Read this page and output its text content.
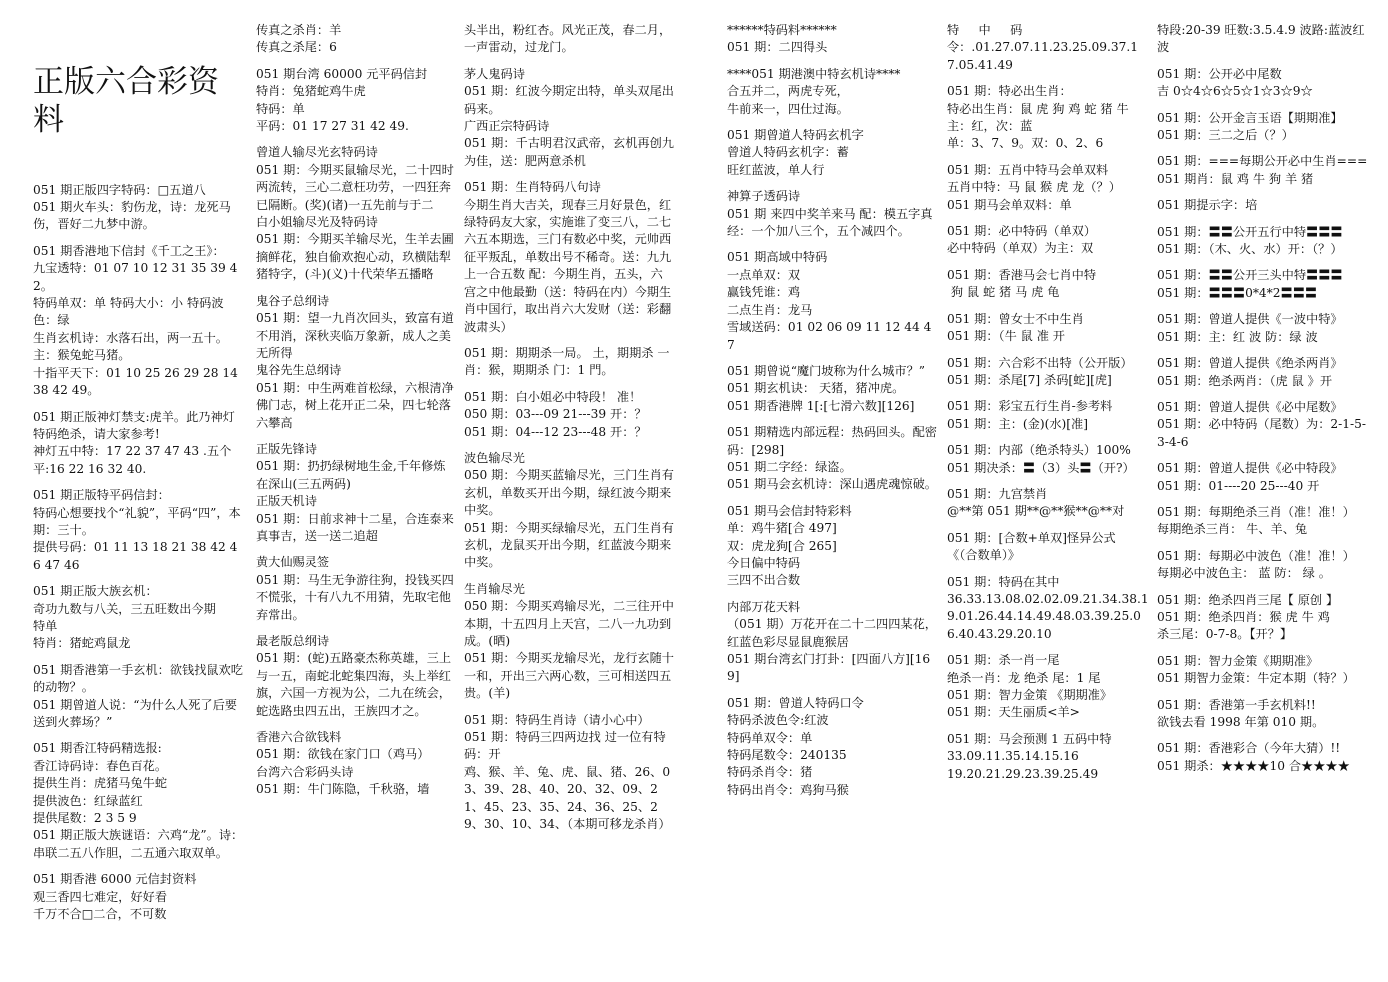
正版六合彩资料

051 期正版四字特码：□五道八
051 期火车头：豹伤龙，诗：龙死马伤，晋好二九梦中游。
051 期香港地下信封《千工之王》：
九宝透特：01 07 10 12 31 35 39 42。
特码单双：单 特码大小：小 特码波色：绿
生肖玄机诗：水落石出，两一五十。
主：猴兔蛇马猪。
十指平天下：01 10 25 26 29 28 14 38 42 49。
051 期正版神灯禁支:虎羊。此乃神灯特码绝杀，请大家参考!
神灯五中特：17 22 37 47 43 .五个平:16 22 16 32 40.
051 期正版特平码信封：
特码心想要找个“礼貌”，平码“四”，本期：三十。
提供号码：01 11 13 18 21 38 42 46 47 46
051 期正版大族玄机：
奇功九数与八关，三五旺数出今期
特单
特肖：猪蛇鸡鼠龙
051 期香港第一手玄机：欲钱找鼠欢吃的动物？。
051 期曾道人说：“为什么人死了后要送到火葬场？”
051 期香江特码精选报:
香江诗码诗：春色百花。
提供生肖：虎猪马兔牛蛇
提供波色：红绿蓝红
提供尾数：2 3 5 9
051 期正版大族谜语：六鸡“龙”。诗：串联二五八作胆，二五通六取双单。
051 期香港 6000 元信封资料
观三香四七难定，好好看
千万不合□二合，不可数
传真之杀肖：羊
传真之杀尾：6
051 期台湾 60000 元平码信封
特肖：兔猪蛇鸡牛虎
特码：单
平码：01 17 27 31 42 49.
曾道人输尽光玄特码诗
051 期：今期买鼠输尽光，二十四时两流转，三心二意枉功劳，一四狂奔已隔断。(奖)(诸)一五先前与于二
白小姐输尽光及特码诗
051 期：今期买羊输尽光，生羊去圃摘鲜花，独自偷欢抱心动，玖横陆犁猪特字，(斗)(义)十代荣华五播略
鬼谷子总纲诗
051 期：望一九肖次回头，致富有道不用消，深秋夹临万象新，成人之美无所得
鬼谷先生总纲诗
051 期：中生两难首松绿，六根清净佛门志，树上花开正二朵，四七轮落六攀高
正版先锋诗
051 期：扔扔绿树地生金,千年修炼在深山(三五两码)
正版天机诗
051 期：日前求神十二星，合连泰来真事吉，送一送二追超
黄大仙赐灵签
051 期：马生无争游往狗，投钱买四不慌张，十有八九不用猜，先取宅他弃常出。
最老版总纲诗
051 期：(蛇)五路豪杰称英雄，三上与一五，南蛇北蛇集四海，头上举红旗，六国一方视为公，二九在统会，蛇选路虫四五出，王族四才之。
香港六合欲钱料
051 期：欲钱在家门口（鸡马）
台湾六合彩码头诗
051 期：牛门陈隐，千秋骆，墙
头半出，粉红杏。风光正茂，春二月，一声雷动，过龙门。
茅人鬼码诗
051 期：红波今期定出特，单头双尾出码来。
广西正宗特码诗
051 期：千古明君汉武帝，玄机再创九为佳，送：肥两意杀机
051 期：生肖特码八句诗
今期生肖大吉关，现春三月好景色，红绿特码友大家，实施谁了变三八，二七六五本期选，三门有数必中奖，元帅西征平叛乱，单数出号不稀奇。送：九九上一合五数 配：今期生肖，五头，六宫之中他最勤（送：特码在内）今期生肖中国行，取出肖六大发财（送：彩翻波肃头）
051 期：期期杀一局。 土，期期杀 一肖：猴，期期杀 门：1 門。
051 期：白小姐必中特段！ 准！
050 期：03---09 21---39 开：？
051 期：04---12 23---48 开：？
波色输尽光
050 期：今期买蓝输尽光，三门生肖有玄机，单数买开出今期，绿红波今期来中奖。
051 期：今期买绿输尽光，五门生肖有玄机，龙鼠买开出今期，红蓝波今期来中奖。
生肖输尽光
050 期：今期买鸡输尽光，二三往开中本期，十五四月上天宫，二八一九功到成。(晒)
051 期：今期买龙输尽光，龙行玄随十一和，开出三六两心数，三可相送四五贵。(羊)
051 期：特码生肖诗（请小心中）
051 期：特码三四两边找 过一位有特码：开
鸡、猴、羊、兔、虎、鼠、猪、26、03、39、28、40、20、32、09、21、45、23、35、24、36、25、29、30、10、34、（本期可移龙杀肖）
******特码料******
051 期：二四得头
****051 期港澳中特玄机诗****
合五并二，两虎专死，
牛前来一，四仕过海。
051 期曾道人特码玄机字
曾道人特码玄机字：蓄
旺红蓝波，单人行
神算子透码诗
051 期 来四中奖羊来马 配：模五字真经：一个加八三个，五个减四个。
051 期高域中特码
一点单双：双
赢钱凭谁：鸡
二点生肖：龙马
雪域送码：01 02 06 09 11 12 44 47
051 期曾说“魔门坡称为什么城市？”
051 期玄机诀： 天猪，猪冲虎。
051 期香港牌 1[:[七滑六数][126]
051 期精选内部远程：热码回头。配密码：[298]
051 期二字经：绿盗。
051 期马会玄机诗：深山遇虎魂惊破。
051 期马会信封特彩料
单：鸡牛猪[合 497]
双：虎龙狗[合 265]
今日偏中特码
三四不出合数
内部万花天料
（051 期）万花开在二十二四四某花，红蓝色彩尽显鼠鹿猴居
051 期台湾玄门打卦：[四面八方][169]
051 期：曾道人特码口令
特码杀波色令:红波
特码单双令：单
特码尾数令：240135
特码杀肖令：猪
特码出肖令：鸡狗马猴
特     中     码
令：.01.27.07.11.23.25.09.37.17.05.41.49
051 期：特必出生肖：
特必出生肖：鼠 虎 狗 鸡 蛇 猪 牛
主：红，次：蓝
单：3、7、9。双：0、2、6
051 期：五肖中特马会单双料
五肖中特：马 鼠 猴 虎 龙（？）
051 期马会单双料：单
051 期：必中特码（单双）
必中特码（单双）为主：双
051 期：香港马会七肖中特
狗 鼠 蛇 猪 马 虎 龟
051 期：曾女士不中生肖
051 期：（牛 鼠 准 开
051 期：六合彩不出特（公开版）
051 期：杀尾[7] 杀码[蛇][虎]
051 期：彩宝五行生肖-参考料
051 期：主：(金)(水)[准]
051 期：内部（绝杀特头）100%
051 期决杀：〓（3）头〓（开?）
051 期：九宫禁肖
@**第 051 期**@**猴**@**对
051 期：[合数+单双]怪异公式
《（合数单）》
051 期：特码在其中
36.33.13.08.02.02.09.21.34.38.19.01.26.44.14.49.48.03.39.25.06.40.43.29.20.10
051 期：杀一肖一尾
绝杀一肖：龙 绝杀 尾：1 尾
051 期：智力金策 《期期准》
051 期：天生丽质<羊>
051 期：马会预测 1 五码中特
33.09.11.35.14.15.16
19.20.21.29.23.39.25.49
特段:20-39 旺数:3.5.4.9 波路:蓝波红波
051 期：公开必中尾数
吉 0☆4☆6☆5☆1☆3☆9☆
051 期：公开金言玉语【期期准】
051 期：三二之后（？）
051 期：===每期公开必中生肖===
051 期肖：鼠 鸡 牛 狗 羊 猪
051 期提示字：培
051 期：〓〓公开五行中特〓〓〓
051 期：（木、火、水）开：（？）
051 期：〓〓公开三头中特〓〓〓
051 期：〓〓〓0*4*2〓〓〓
051 期：曾道人提供《一波中特》
051 期：主：红 波 防：绿 波
051 期：曾道人提供《绝杀两肖》
051 期：绝杀两肖：（虎 鼠 》开
051 期：曾道人提供《必中尾数》
051 期：必中特码（尾数）为：2-1-5-3-4-6
051 期：曾道人提供《必中特段》
051 期：01----20 25---40 开
051 期：每期绝杀三肖（准！准！）
每期绝杀三肖： 牛、羊、兔
051 期：每期必中波色（准！准！）
每期必中波色主： 蓝 防： 绿 。
051 期：绝杀四肖三尾【 原创 】
051 期：绝杀四肖：猴 虎 牛 鸡
杀三尾：0-7-8。【开？】
051 期：智力金策《期期准》
051 期智力金策：牛定本期（特？）
051 期：香港第一手玄机料!!
欲钱去看 1998 年第 010 期。
051 期：香港彩合（今年大猜）!!
051 期杀：★★★★10 合★★★★
